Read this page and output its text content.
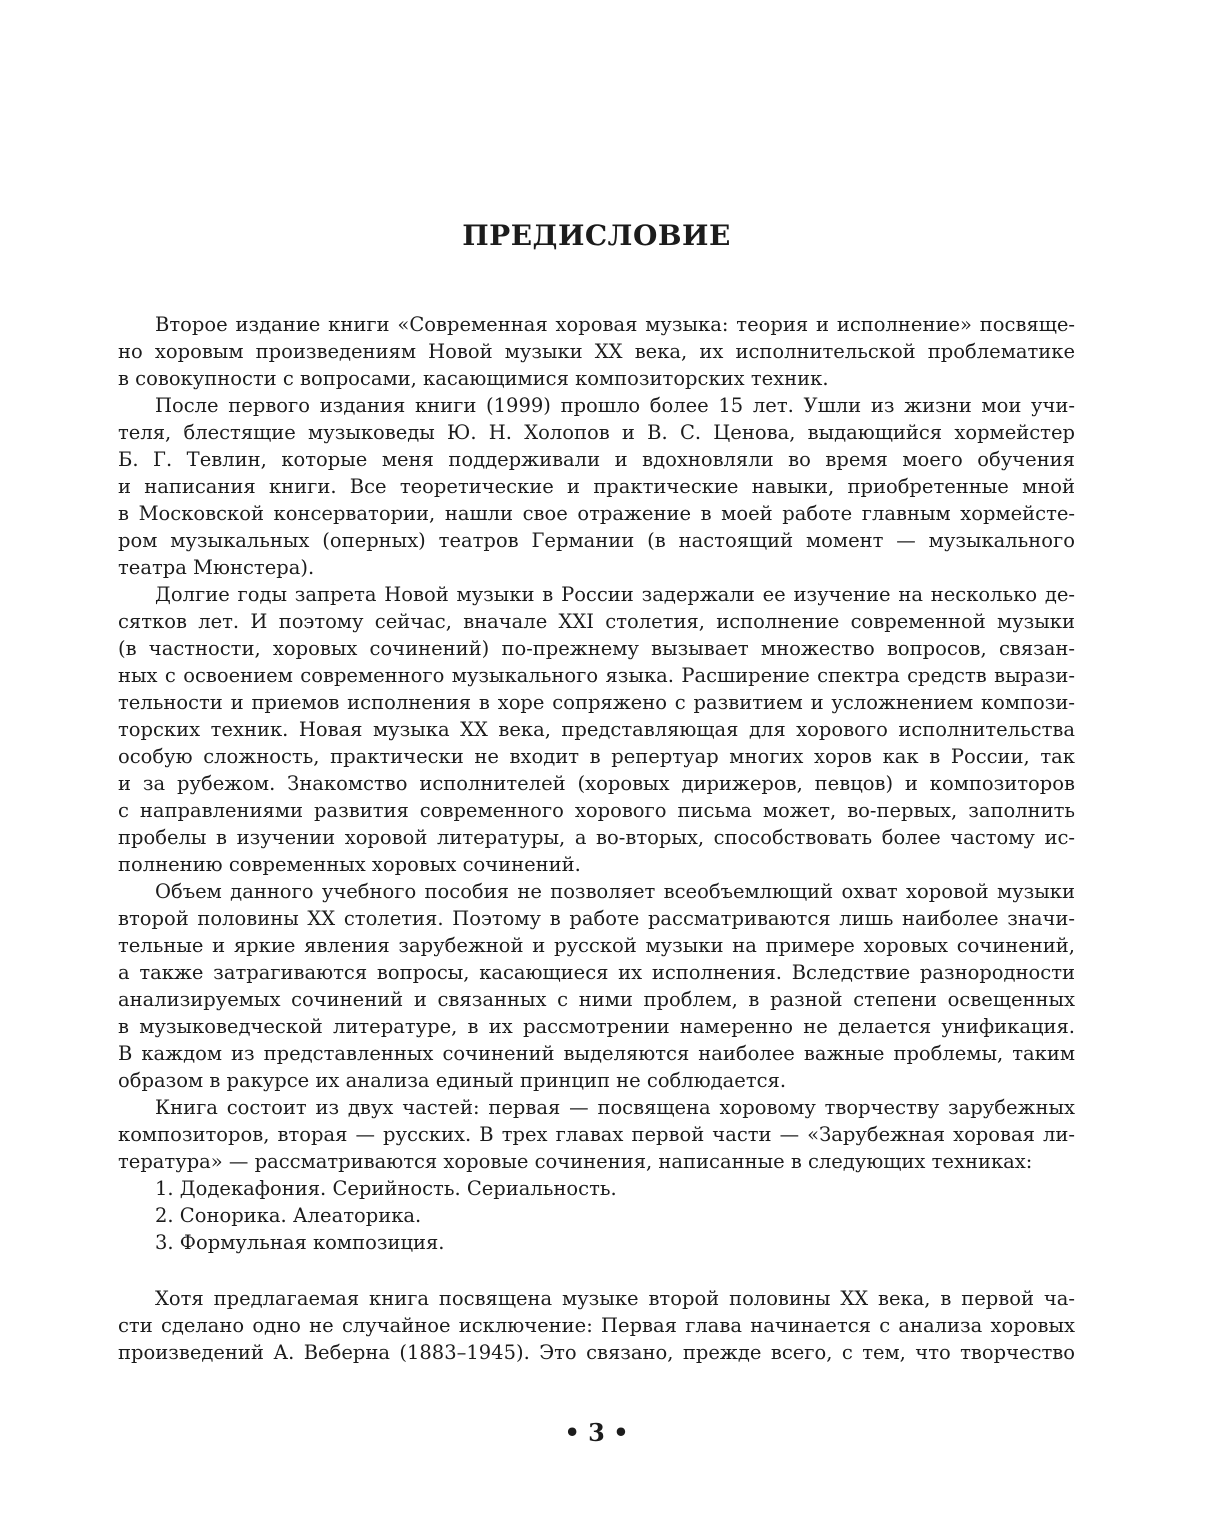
ПРЕДИСЛОВИЕ
Второе издание книги «Современная хоровая музыка: теория и исполнение» посвяще-
но хоровым произведениям Новой музыки ХХ века, их исполнительской проблематике
в совокупности с вопросами, касающимися композиторских техник.
После первого издания книги (1999) прошло более 15 лет. Ушли из жизни мои учи-
теля, блестящие музыковеды Ю. Н. Холопов и В. С. Ценова, выдающийся хормейстер
Б. Г. Тевлин, которые меня поддерживали и вдохновляли во время моего обучения
и написания книги. Все теоретические и практические навыки, приобретенные мной
в Московской консерватории, нашли свое отражение в моей работе главным хормейсте-
ром музыкальных (оперных) театров Германии (в настоящий момент — музыкального
театра Мюнстера).
Долгие годы запрета Новой музыки в России задержали ее изучение на несколько де-
сятков лет. И поэтому сейчас, вначале XXI столетия, исполнение современной музыки
(в частности, хоровых сочинений) по-прежнему вызывает множество вопросов, связан-
ных с освоением современного музыкального языка. Расширение спектра средств вырази-
тельности и приемов исполнения в хоре сопряжено с развитием и усложнением компози-
торских техник. Новая музыка ХХ века, представляющая для хорового исполнительства
особую сложность, практически не входит в репертуар многих хоров как в России, так
и за рубежом. Знакомство исполнителей (хоровых дирижеров, певцов) и композиторов
с направлениями развития современного хорового письма может, во-первых, заполнить
пробелы в изучении хоровой литературы, а во-вторых, способствовать более частому ис-
полнению современных хоровых сочинений.
Объем данного учебного пособия не позволяет всеобъемлющий охват хоровой музыки
второй половины ХХ столетия. Поэтому в работе рассматриваются лишь наиболее значи-
тельные и яркие явления зарубежной и русской музыки на примере хоровых сочинений,
а также затрагиваются вопросы, касающиеся их исполнения. Вследствие разнородности
анализируемых сочинений и связанных с ними проблем, в разной степени освещенных
в музыковедческой литературе, в их рассмотрении намеренно не делается унификация.
В каждом из представленных сочинений выделяются наиболее важные проблемы, таким
образом в ракурсе их анализа единый принцип не соблюдается.
Книга состоит из двух частей: первая — посвящена хоровому творчеству зарубежных
композиторов, вторая — русских. В трех главах первой части — «Зарубежная хоровая ли-
тература» — рассматриваются хоровые сочинения, написанные в следующих техниках:
1. Додекафония. Серийность. Сериальность.
2. Сонорика. Алеаторика.
3. Формульная композиция.
Хотя предлагаемая книга посвящена музыке второй половины ХХ века, в первой ча-
сти сделано одно не случайное исключение: Первая глава начинается с анализа хоровых
произведений А. Веберна (1883–1945). Это связано, прежде всего, с тем, что творчество
• 3 •
